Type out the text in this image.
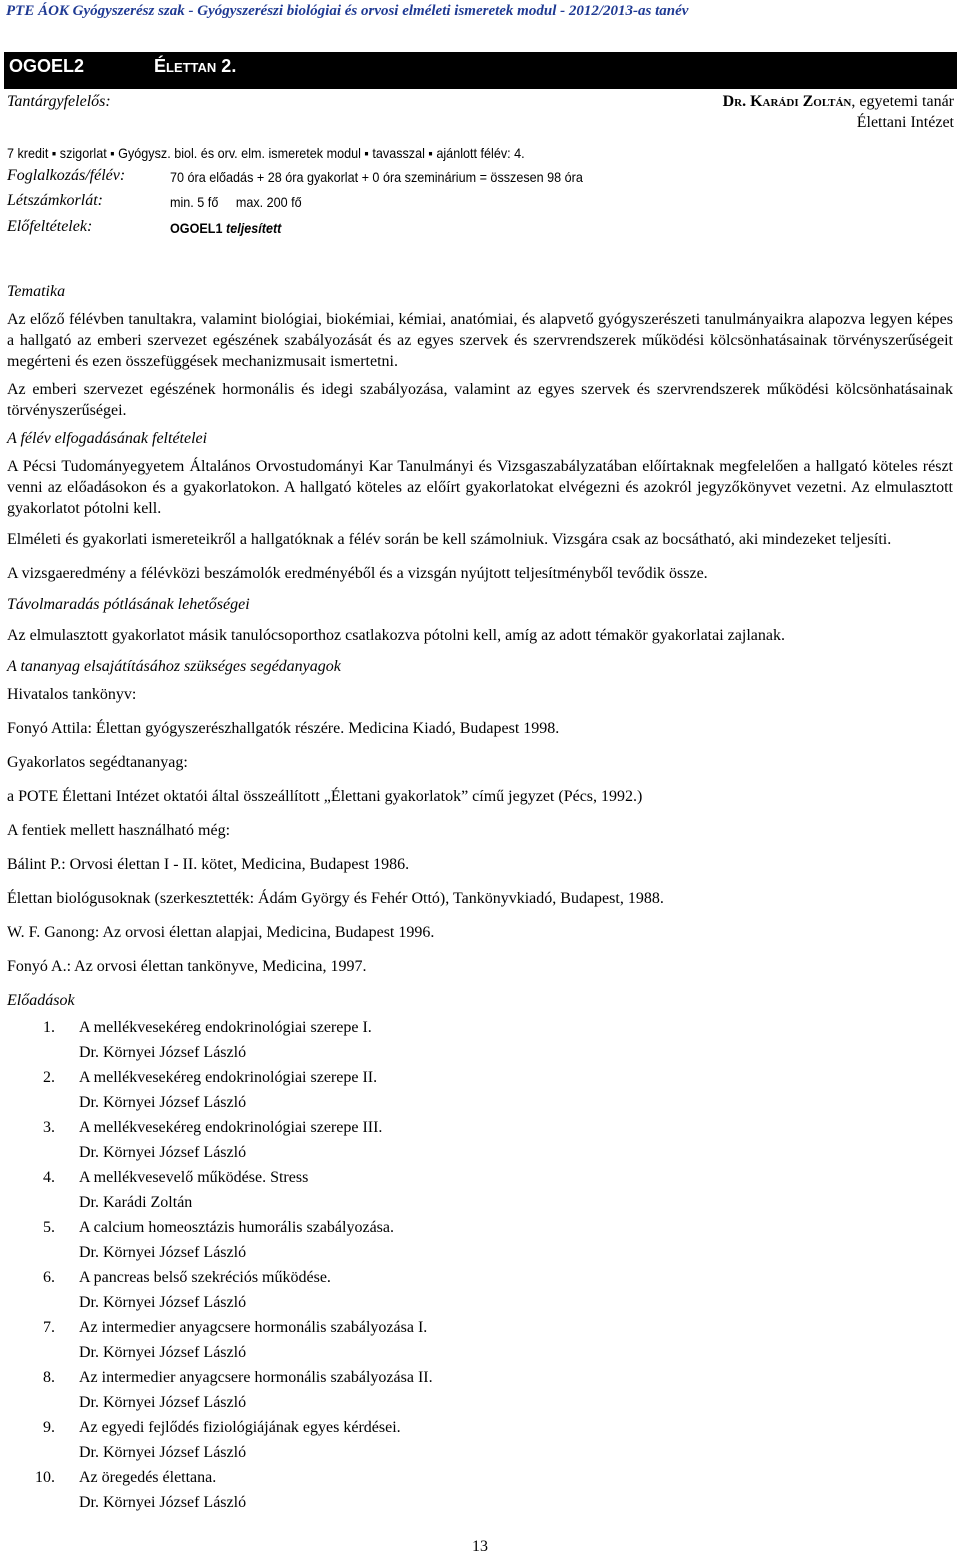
PTE ÁOK Gyógyszerész szak - Gyógyszerészi biológiai és orvosi elméleti ismeretek modul - 2012/2013-as tanév
OGOEL2	Élettan 2.
Tantárgyfelelős:	Dr. Karádi Zoltán, egyetemi tanár
Élettani Intézet
7 kredit ▪ szigorlat ▪ Gyógysz. biol. és orv. elm. ismeretek modul ▪ tavasszal ▪ ajánlott félév: 4.
Foglalkozás/félév:	70 óra előadás + 28 óra gyakorlat + 0 óra szeminárium = összesen 98 óra
Létszámkorlát:	min. 5 fő     max. 200 fő
Előfeltételek:	OGOEL1 teljesített
Tematika

Az előző félévben tanultakra, valamint biológiai, biokémiai, kémiai, anatómiai, és alapvető gyógyszerészeti tanulmányaikra alapozva legyen képes a hallgató az emberi szervezet egészének szabályozását és az egyes szervek és szervrendszerek működési kölcsönhatásainak törvényszerűségeit megérteni és ezen összefüggések mechanizmusait ismertetni.

Az emberi szervezet egészének hormonális és idegi szabályozása, valamint az egyes szervek és szervrendszerek működési kölcsönhatásainak törvényszerűségei.

A félév elfogadásának feltételei

A Pécsi Tudományegyetem Általános Orvostudományi Kar Tanulmányi és Vizsgaszabályzatában előírtaknak megfelelően a hallgató köteles részt venni az előadásokon és a gyakorlatokon. A hallgató köteles az előírt gyakorlatokat elvégezni és azokról jegyzőkönyvet vezetni. Az elmulasztott gyakorlatot pótolni kell.

Elméleti és gyakorlati ismereteikről a hallgatóknak a félév során be kell számolniuk. Vizsgára csak az bocsátható, aki mindezeket teljesíti.

A vizsgaeredmény a félévközi beszámolók eredményéből és a vizsgán nyújtott teljesítményből tevődik össze.

Távolmaradás pótlásának lehetőségei

Az elmulasztott gyakorlatot másik tanulócsoporthoz csatlakozva pótolni kell, amíg az adott témakör gyakorlatai zajlanak.

A tananyag elsajátításához szükséges segédanyagok
Hivatalos tankönyv:
Fonyó Attila: Élettan gyógyszerészhallgatók részére. Medicina Kiadó, Budapest 1998.
Gyakorlatos segédtananyag:
a POTE Élettani Intézet oktatói által összeállított „Élettani gyakorlatok” című jegyzet (Pécs, 1992.)
A fentiek mellett használható még:
Bálint P.: Orvosi élettan I - II. kötet, Medicina, Budapest 1986.
Élettan biológusoknak (szerkesztették: Ádám György és Fehér Ottó), Tankönyvkiadó, Budapest, 1988.
W. F. Ganong: Az orvosi élettan alapjai, Medicina, Budapest 1996.
Fonyó A.: Az orvosi élettan tankönyve, Medicina, 1997.
Előadások
1. A mellékvesekéreg endokrinológiai szerepe I.
Dr. Környei József László
2. A mellékvesekéreg endokrinológiai szerepe II.
Dr. Környei József László
3. A mellékvesekéreg endokrinológiai szerepe III.
Dr. Környei József László
4. A mellékvesevelő működése. Stress
Dr. Karádi Zoltán
5. A calcium homeosztázis humorális szabályozása.
Dr. Környei József László
6. A pancreas belső szekréciós működése.
Dr. Környei József László
7. Az intermedier anyagcsere hormonális szabályozása I.
Dr. Környei József László
8. Az intermedier anyagcsere hormonális szabályozása II.
Dr. Környei József László
9. Az egyedi fejlődés fiziológiájának egyes kérdései.
Dr. Környei József László
10. Az öregedés élettana.
Dr. Környei József László
13
